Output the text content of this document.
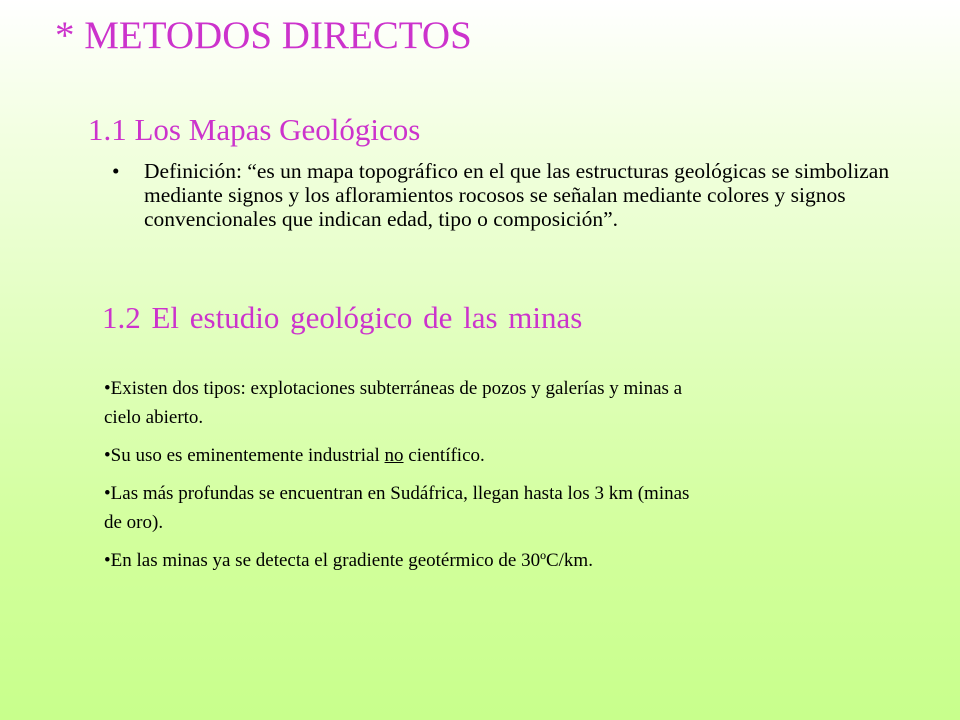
* METODOS DIRECTOS
1.1 Los Mapas Geológicos
• Definición: “es un mapa topográfico en el que las estructuras geológicas se simbolizan mediante signos y los afloramientos rocosos se señalan mediante colores y signos convencionales que indican edad, tipo o composición”.
1.2 El estudio geológico de las minas
•Existen dos tipos: explotaciones subterráneas de pozos y galerías y minas a cielo abierto.
•Su uso es eminentemente industrial no científico.
•Las más profundas se encuentran en Sudáfrica, llegan hasta los 3 km (minas de oro).
•En las minas ya se detecta el gradiente geotérmico de 30ºC/km.
